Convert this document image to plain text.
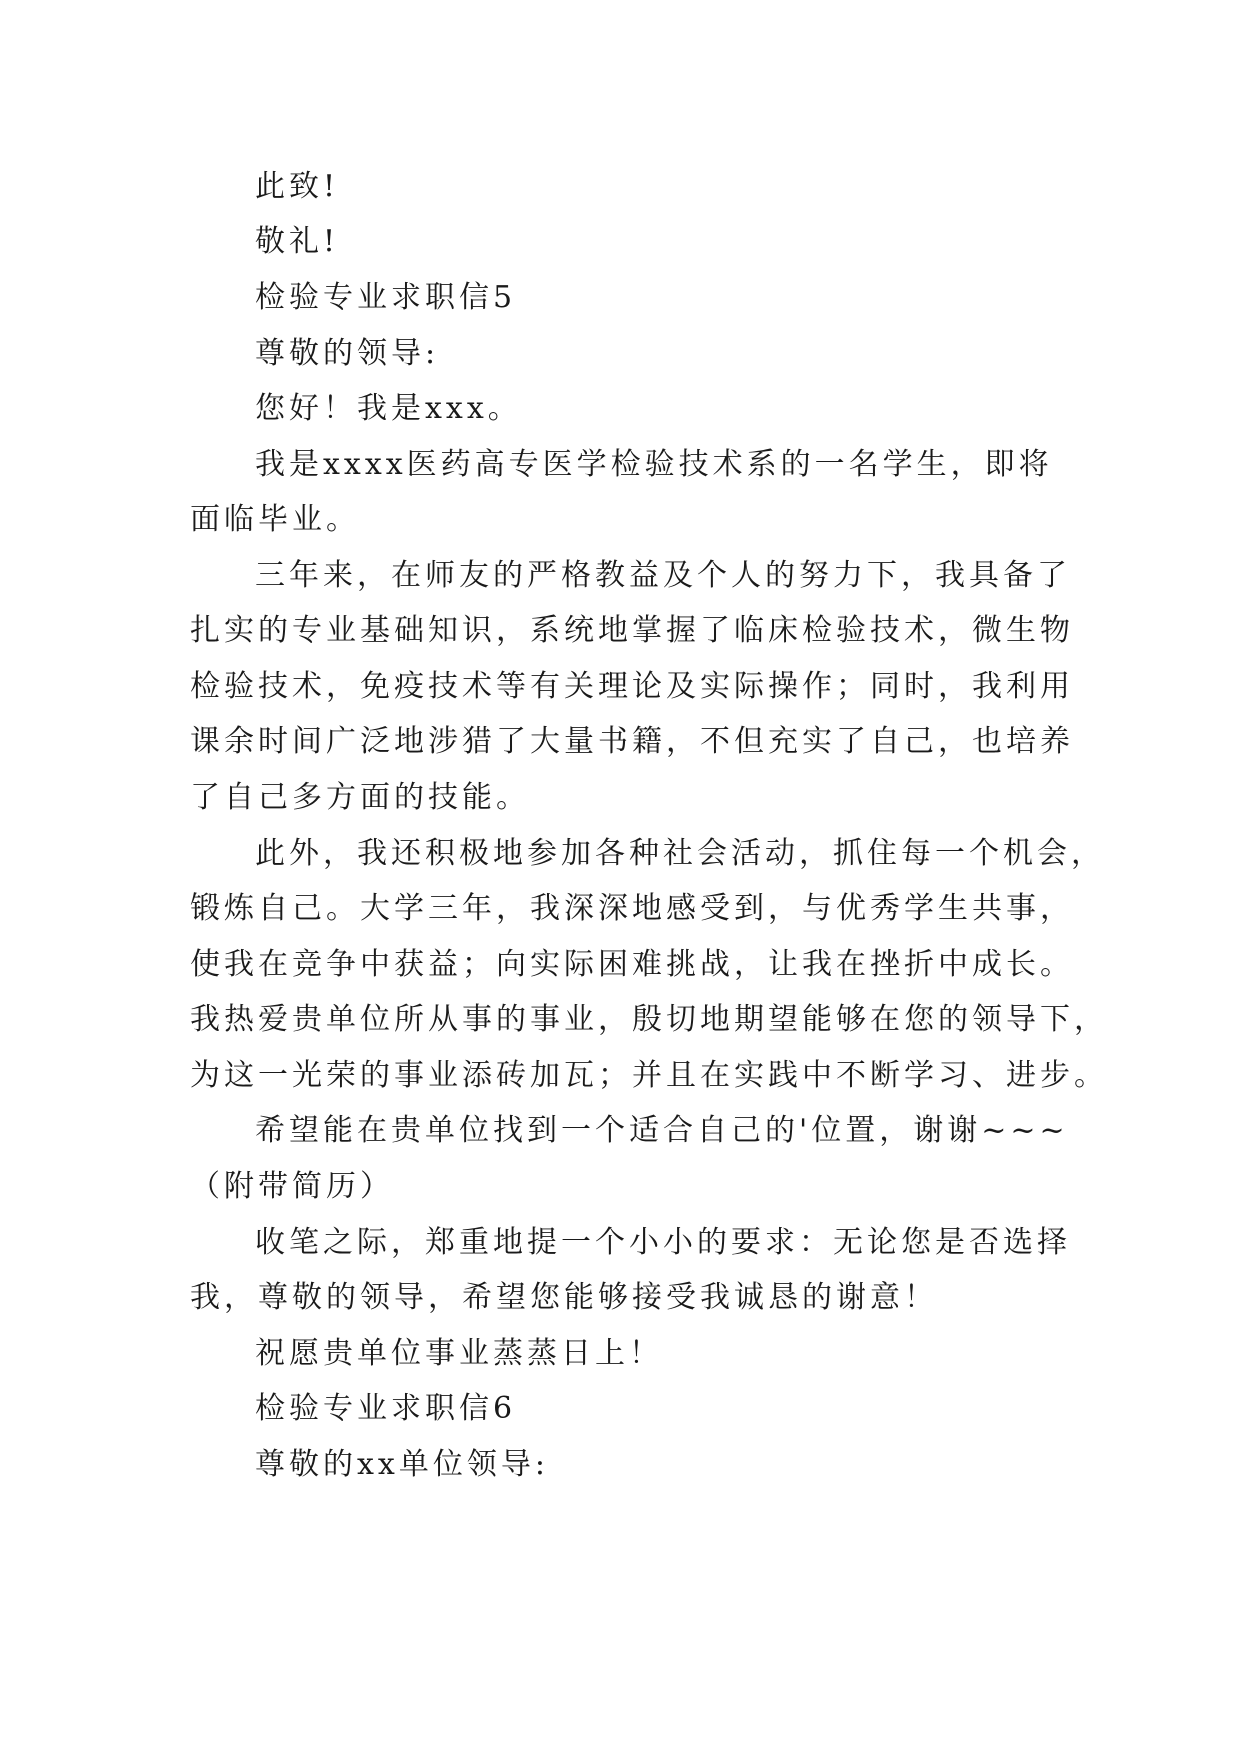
此致!
敬礼!
检验专业求职信5
尊敬的领导:
您好！我是xxx。
我是xxxx医药高专医学检验技术系的一名学生，即将
面临毕业。
三年来，在师友的严格教益及个人的努力下，我具备了
扎实的专业基础知识，系统地掌握了临床检验技术，微生物
检验技术，免疫技术等有关理论及实际操作；同时，我利用
课余时间广泛地涉猎了大量书籍，不但充实了自己，也培养
了自己多方面的技能。
此外，我还积极地参加各种社会活动，抓住每一个机会，
锻炼自己。大学三年，我深深地感受到，与优秀学生共事，
使我在竞争中获益；向实际困难挑战，让我在挫折中成长。
我热爱贵单位所从事的事业，殷切地期望能够在您的领导下，
为这一光荣的事业添砖加瓦；并且在实践中不断学习、进步。
希望能在贵单位找到一个适合自己的'位置，谢谢~~~
（附带简历）
收笔之际，郑重地提一个小小的要求：无论您是否选择
我，尊敬的领导，希望您能够接受我诚恳的谢意！
祝愿贵单位事业蒸蒸日上！
检验专业求职信6
尊敬的xx单位领导:
